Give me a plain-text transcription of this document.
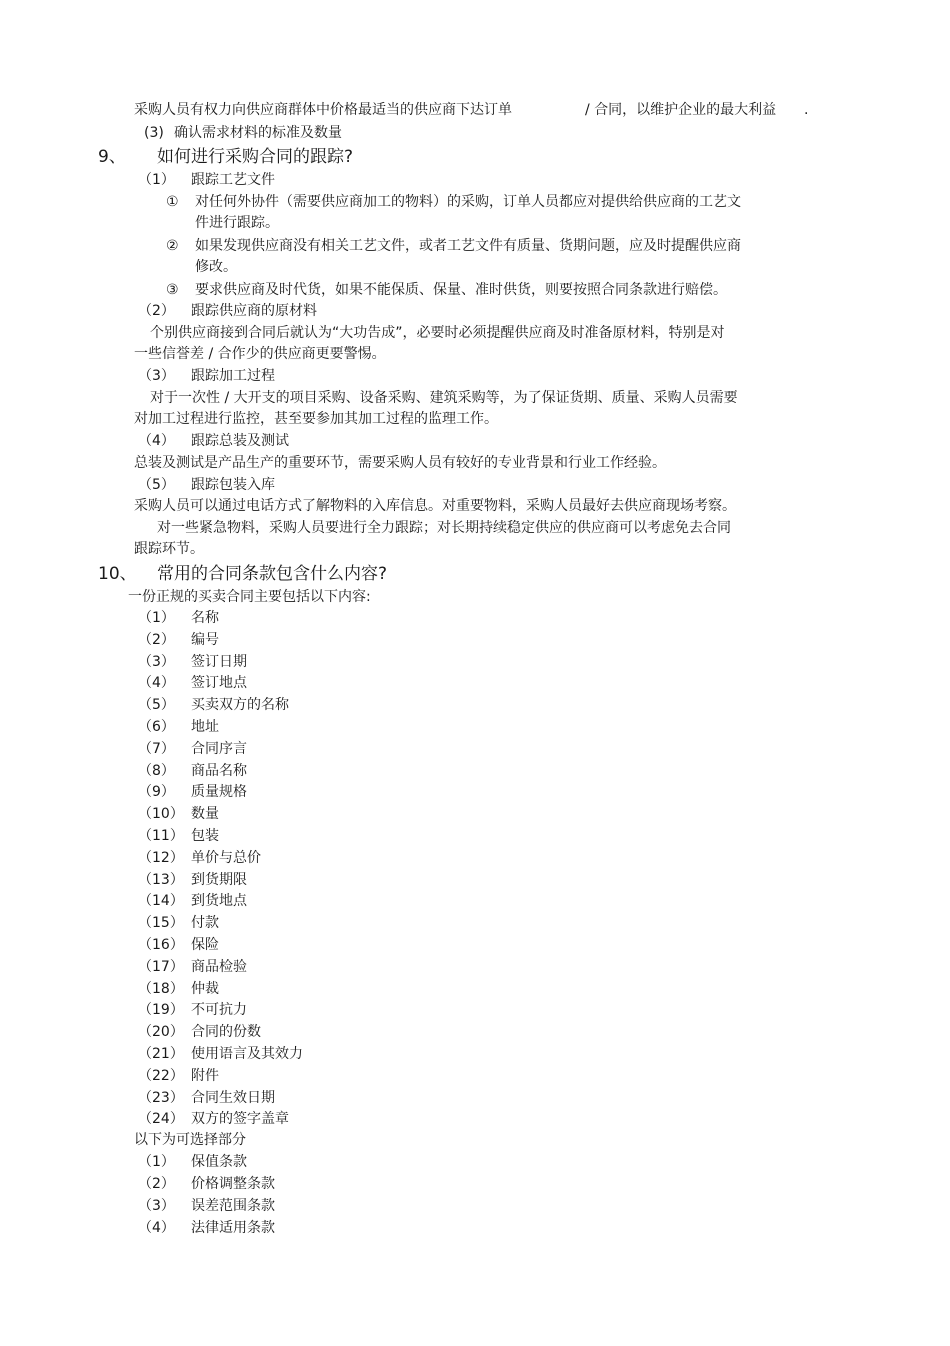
采购人员有权力向供应商群体中价格最适当的供应商下达订单	/ 合同，以维护企业的最大利益 .
(3) 确认需求材料的标准及数量
9、 如何进行采购合同的跟踪?
（1） 跟踪工艺文件
① 对任何外协件（需要供应商加工的物料）的采购，订单人员都应对提供给供应商的工艺文
件进行跟踪。
② 如果发现供应商没有相关工艺文件，或者工艺文件有质量、货期问题，应及时提醒供应商
修改。
③ 要求供应商及时代货，如果不能保质、保量、准时供货，则要按照合同条款进行赔偿。
（2） 跟踪供应商的原材料
个别供应商接到合同后就认为“大功告成”，必要时必须提醒供应商及时准备原材料，特别是对
一些信誉差 / 合作少的供应商更要警惕。
（3） 跟踪加工过程
对于一次性 / 大开支的项目采购、设备采购、建筑采购等，为了保证货期、质量、采购人员需要
对加工过程进行监控，甚至要参加其加工过程的监理工作。
（4） 跟踪总装及测试
总装及测试是产品生产的重要环节，需要采购人员有较好的专业背景和行业工作经验。
（5） 跟踪包装入库
采购人员可以通过电话方式了解物料的入库信息。对重要物料，采购人员最好去供应商现场考察。
对一些紧急物料，采购人员要进行全力跟踪；对长期持续稳定供应的供应商可以考虑免去合同
跟踪环节。
10、 常用的合同条款包含什么内容?
一份正规的买卖合同主要包括以下内容:
（1） 名称
（2） 编号
（3） 签订日期
（4） 签订地点
（5） 买卖双方的名称
（6） 地址
（7） 合同序言
（8） 商品名称
（9） 质量规格
（10） 数量
（11） 包装
（12） 单价与总价
（13） 到货期限
（14） 到货地点
（15） 付款
（16） 保险
（17） 商品检验
（18） 仲裁
（19） 不可抗力
（20） 合同的份数
（21） 使用语言及其效力
（22） 附件
（23） 合同生效日期
（24） 双方的签字盖章
以下为可选择部分
（1） 保值条款
（2） 价格调整条款
（3） 误差范围条款
（4） 法律适用条款
